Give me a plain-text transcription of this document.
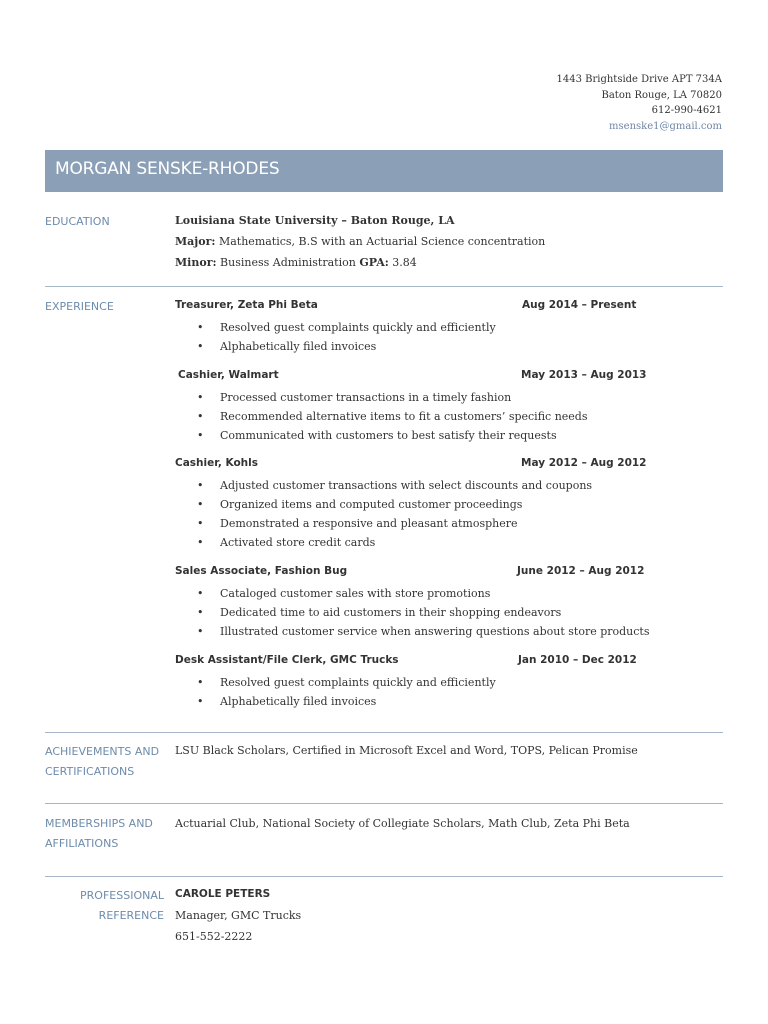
1443 Brightside Drive APT 734A
Baton Rouge, LA 70820
612-990-4621
msenske1@gmail.com
MORGAN SENSKE-RHODES
EDUCATION	Louisiana State University – Baton Rouge, LA
Major: Mathematics, B.S with an Actuarial Science concentration
Minor: Business Administration GPA: 3.84
EXPERIENCE	Treasurer, Zeta Phi Beta	Aug 2014 – Present
• Resolved guest complaints quickly and efficiently
• Alphabetically filed invoices
Cashier, Walmart	May 2013 – Aug 2013
• Processed customer transactions in a timely fashion
• Recommended alternative items to fit a customers’ specific needs
• Communicated with customers to best satisfy their requests
Cashier, Kohls	May 2012 – Aug 2012
• Adjusted customer transactions with select discounts and coupons
• Organized items and computed customer proceedings
• Demonstrated a responsive and pleasant atmosphere
• Activated store credit cards
Sales Associate, Fashion Bug	June 2012 – Aug 2012
• Cataloged customer sales with store promotions
• Dedicated time to aid customers in their shopping endeavors
• Illustrated customer service when answering questions about store products
Desk Assistant/File Clerk, GMC Trucks	Jan 2010 – Dec 2012
• Resolved guest complaints quickly and efficiently
• Alphabetically filed invoices
ACHIEVEMENTS AND
CERTIFICATIONS
LSU Black Scholars, Certified in Microsoft Excel and Word, TOPS, Pelican Promise
MEMBERSHIPS AND
AFFILIATIONS
Actuarial Club, National Society of Collegiate Scholars, Math Club, Zeta Phi Beta
PROFESSIONAL
REFERENCE
CAROLE PETERS
Manager, GMC Trucks
651-552-2222
